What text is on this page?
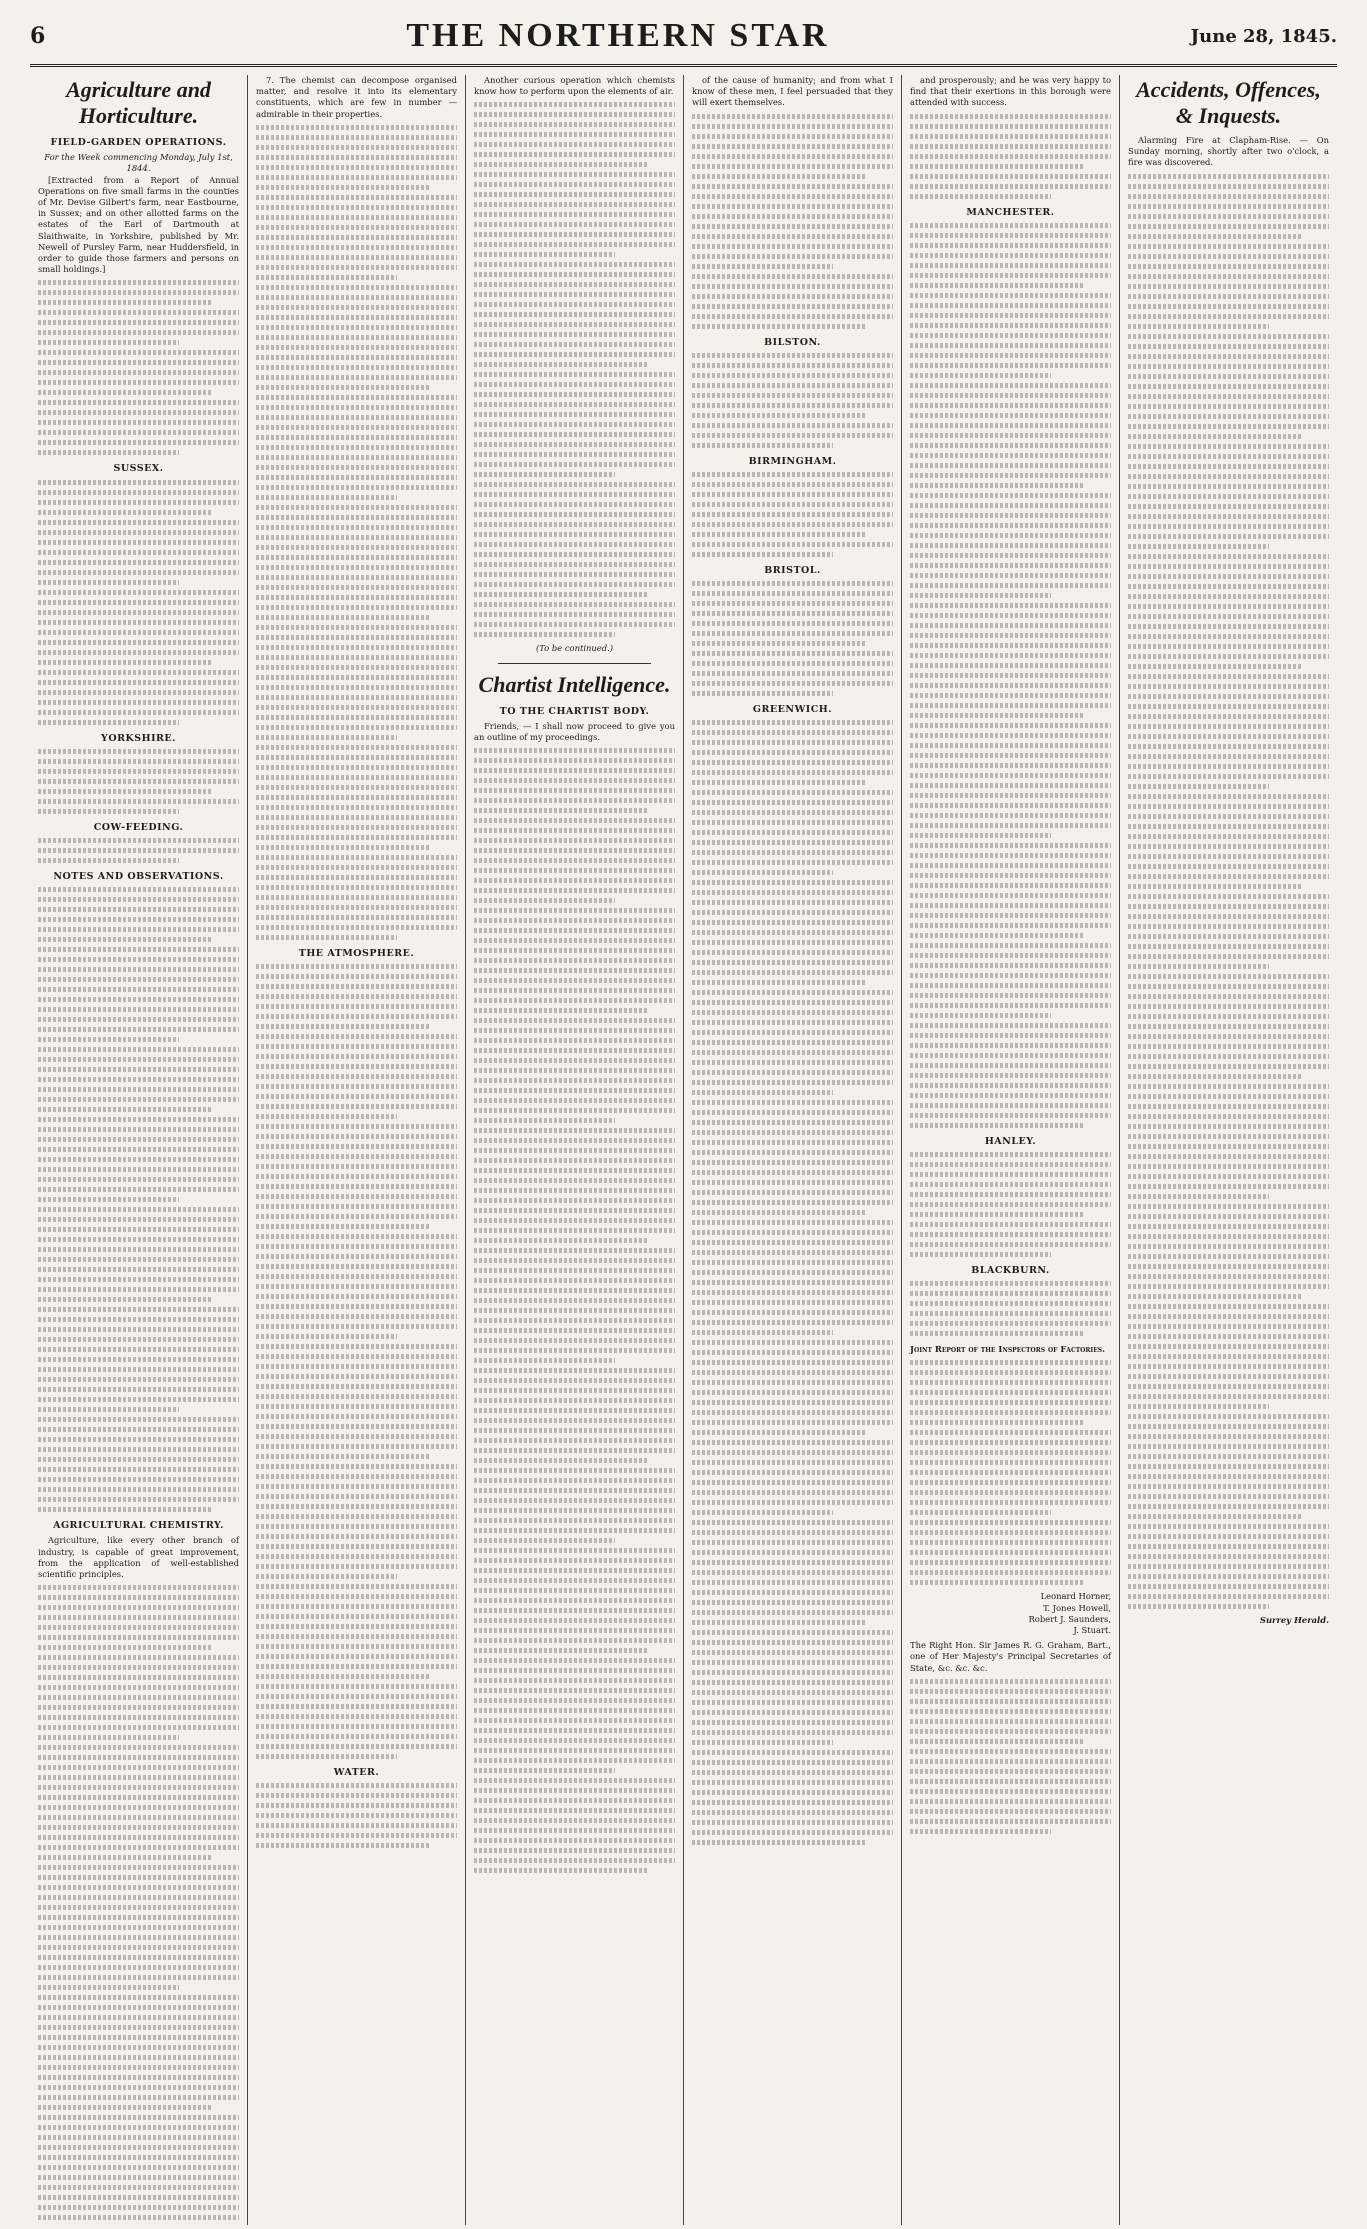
6	THE NORTHERN STAR	June 28, 1845.
Agriculture and Horticulture.
FIELD-GARDEN OPERATIONS.
For the Week commencing Monday, July 1st, 1844.

[Extracted from a Report of Annual Operations on five small farms in the counties of Mr. Devise Gilbert's farm, near Eastbourne, in Sussex; and on other allotted farms on the estates of the Earl of Dartmouth at Slaithwaite, in Yorkshire, published by Mr. Newell of Pursley Farm, near Huddersfield, in order to guide those farmers and persons on small holdings.]

SUSSEX.
YORKSHIRE.
COW-FEEDING.
NOTES AND OBSERVATIONS.
AGRICULTURAL CHEMISTRY.

Agriculture, like every other branch of industry, is capable of great improvement, from the application of well-established scientific principles.

7. The chemist can decompose organised matter, and resolve it into its elementary constituents, which are few in number — admirable in their properties.

THE ATMOSPHERE.
WATER.

Another curious operation which chemists know how to perform upon the elements of air.

(To be continued.)
Chartist Intelligence.
TO THE CHARTIST BODY.

Friends, — I shall now proceed to give you an outline of my proceedings.

of the cause of humanity; and from what I know of these men, I feel persuaded that they will exert themselves.

BILSTON.
BIRMINGHAM.
BRISTOL.
GREENWICH.

and prosperously; and he was very happy to find that their exertions in this borough were attended with success.

MANCHESTER.
HANLEY.
BLACKBURN.
Joint Report of the Inspectors of Factories.
Leonard Horner,
T. Jones Howell,
Robert J. Saunders,
J. Stuart.

The Right Hon. Sir James R. G. Graham, Bart., one of Her Majesty's Principal Secretaries of State, &c. &c. &c.

Accidents, Offences, & Inquests.

Alarming Fire at Clapham-Rise. — On Sunday morning, shortly after two o'clock, a fire was discovered.

Surrey Herald.
